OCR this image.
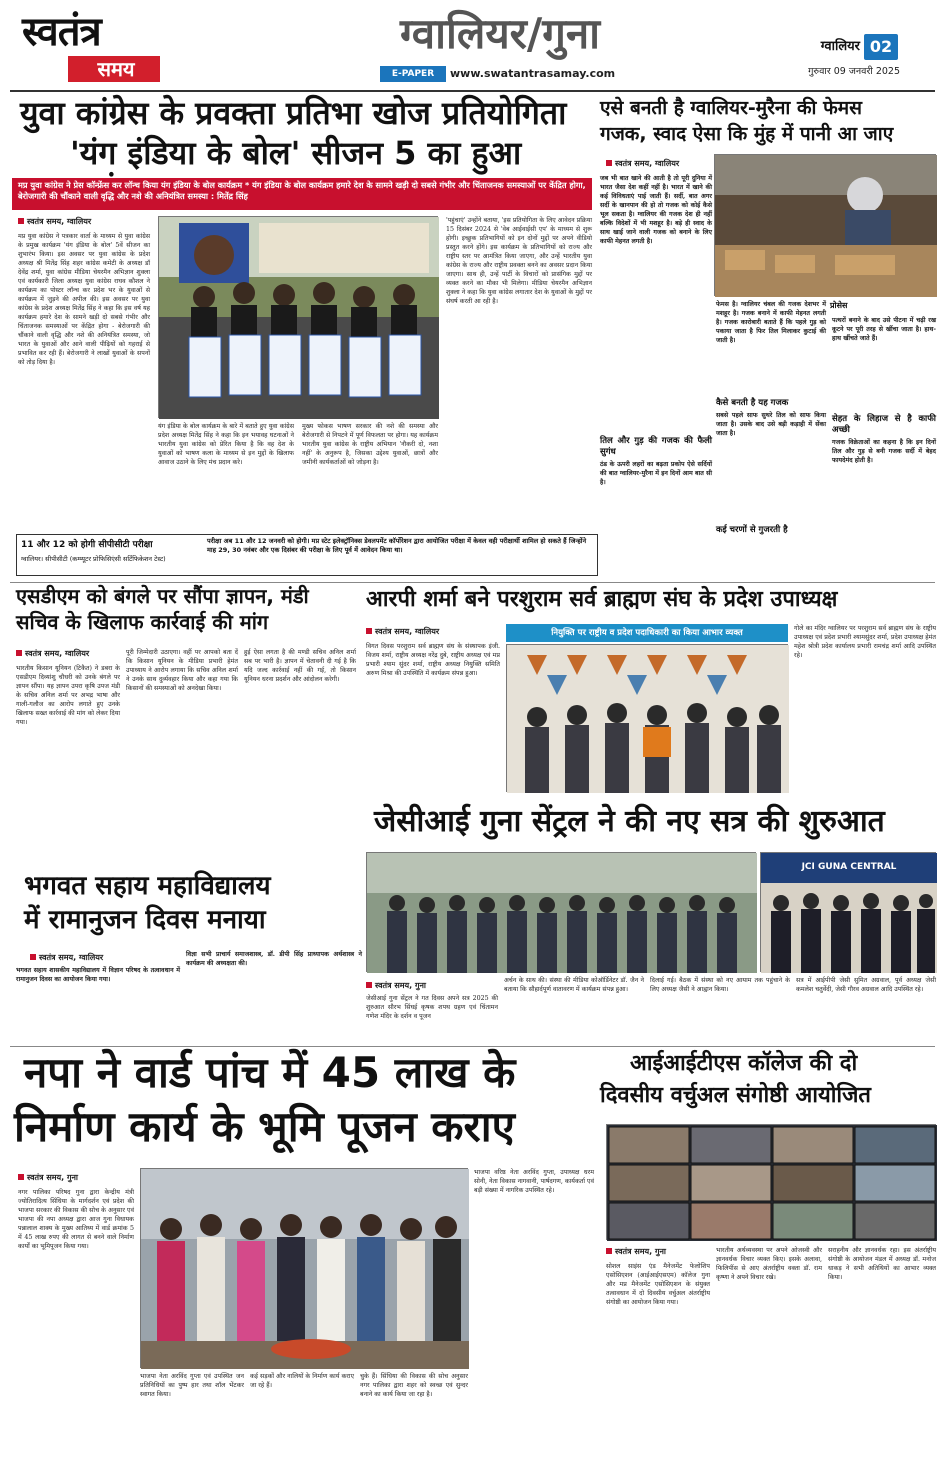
स्वतंत्र
समय
ग्वालियर/गुना
E-PAPER	www.swatantrasamay.com
ग्वालियर 02
गुरुवार 09 जनवरी 2025
युवा कांग्रेस के प्रवक्ता प्रतिभा खोज प्रतियोगिता
'यंग इंडिया के बोल' सीजन 5 का हुआ
मप्र युवा कांग्रेस ने प्रेस कॉन्फ्रेंस कर लॉन्च किया यंग इंडिया के बोल कार्यक्रम * यंग इंडिया के बोल कार्यक्रम हमारे देश के सामने खड़ी दो सबसे गंभीर और चिंताजनक समस्याओं पर केंद्रित होगा, बेरोजगारी की चौंकाने वाली वृद्धि और नशे की अनियंत्रित समस्या : मितेंद्र सिंह
स्वतंत्र समय, ग्वालियर
मप्र युवा कांग्रेस ने पत्रकार वार्ता के माध्यम से युवा कांग्रेस के प्रमुख कार्यक्रम 'यंग इंडिया के बोल' 5वें सीजन का शुभारंभ किया। इस अवसर पर युवा कांग्रेस के प्रदेश अध्यक्ष श्री मितेंद्र सिंह शहर कांग्रेस कमेटी के अध्यक्ष डॉ देवेंद्र शर्मा, युवा कांग्रेस मीडिया चेयरमैन अभिज्ञान शुक्ला एवं कार्यकारी जिला अध्यक्ष युवा कांग्रेस राघव कौशल ने कार्यक्रम का पोस्टर लॉन्च कर प्रदेश भर के युवाओं से कार्यक्रम में जुड़ने की अपील की। इस अवसर पर युवा कांग्रेस के प्रदेश अध्यक्ष मितेंद्र सिंह ने कहा कि इस वर्ष यह कार्यक्रम हमारे देश के सामने खड़ी दो सबसे गंभीर और चिंताजनक समस्याओं पर केंद्रित होगा - बेरोजगारी की चौंकाने वाली वृद्धि और नशे की अनियंत्रित समस्या, जो भारत के युवाओं और आने वाली पीढ़ियों को गहराई से प्रभावित कर रही हैं। बेरोजगारी ने लाखों युवाओं के सपनों को तोड़ दिया है।
यंग इंडिया के बोल कार्यक्रम के बारे में बताते हुए युवा कांग्रेस प्रदेश अध्यक्ष मितेंद्र सिंह ने कहा कि इन भयावह घटनाओं ने भारतीय युवा कांग्रेस को प्रेरित किया है कि वह देश के युवाओं को भाषण कला के माध्यम से इन मुद्दों के खिलाफ आवाज उठाने के लिए मंच प्रदान करे।
मुख्य फोकस भाषण सरकार की नशे की समस्या और बेरोजगारी से निपटने में पूर्ण विफलता पर होगा। यह कार्यक्रम भारतीय युवा कांग्रेस के राष्ट्रीय अभियान 'नौकरी दो, नशा नहीं' के अनुरूप है, जिसका उद्देश्य युवाओं, छात्रों और जमीनी कार्यकर्ताओं को जोड़ना है।
'पहुंचाएं' उन्होंने बताया, 'इस प्रतियोगिता के लिए आवेदन प्रक्रिया 15 दिसंबर 2024 से 'वेब आईवाईसी एप' के माध्यम से शुरू होगी। इच्छुक प्रतिभागियों को इन दोनों मुद्दों पर अपने वीडियो प्रस्तुत करने होंगे। इस कार्यक्रम के प्रतिभागियों को राज्य और राष्ट्रीय स्तर पर आमंत्रित किया जाएगा, और उन्हें भारतीय युवा कांग्रेस के राज्य और राष्ट्रीय प्रवक्ता बनने का अवसर प्रदान किया जाएगा। साथ ही, उन्हें पार्टी के विचारों को प्रासंगिक मुद्दों पर व्यक्त करने का मौका भी मिलेगा। मीडिया चेयरमैन अभिज्ञान शुक्ला ने कहा कि युवा कांग्रेस लगातार देश के युवाओं के मुद्दों पर संघर्ष करती आ रही है।
एसे बनती है ग्वालियर-मुरैना की फेमस
गजक, स्वाद ऐसा कि मुंह में पानी आ जाए
स्वतंत्र समय, ग्वालियर
जब भी बात खाने की आती है तो पूरी दुनिया में भारत जैसा देश कहीं नहीं है। भारत में खाने की कई विविधताएं पाई जाती हैं। सर्दी, बात अगर सर्दी के खानपान की हो तो गजक को कोई कैसे भूल सकता है। ग्वालियर की गजक देश ही नहीं बल्कि विदेशों में भी मशहूर है। बड़े ही स्वाद के साथ खाई जाने वाली गजक को बनाने के लिए काफी मेहनत लगती है।
तिल और गुड़ की गजक की फैली सुगंध
ठंड के ऊपरी लहरों का बढ़ता प्रकोप ऐसे सर्दियों की बात ग्वालियर-मुरैना में इन दिनों आम बात सी है।
फेमस है। ग्वालियर चंबल की गजक देशभर में मशहूर है। गजक बनाने में काफी मेहनत लगती है। गजक कारोबारी बताते हैं कि पहले गुड़ को पकाया जाता है फिर तिल मिलाकर कुटाई की जाती है।
कैसे बनती है यह गजक
सबसे पहले साफ सुथरे तिल को साफ किया जाता है। उसके बाद उसे बड़ी कड़ाही में सेंका जाता है।
कई चरणों से गुजरती है
प्रोसेस
पत्थरों बनाने के बाद उसे पीटना में चढ़ी रख कूटने पर पूरी तरह से खींचा जाता है। हाथ-हाथ खींचते जाते हैं।
सेहत के लिहाज से है काफी अच्छी
गजक विक्रेताओं का कहना है कि इन दिनों तिल और गुड़ से बनी गजक सर्दी में बेहद फायदेमंद होती है।
11 और 12 को होगी सीपीसीटी परीक्षा
ग्वालियर। सीपीसीटी (कम्प्यूटर प्रोफिसिएंसी सर्टिफिकेशन टेस्ट)
परीक्षा अब 11 और 12 जनवरी को होगी। मप्र स्टेट इलेक्ट्रॉनिक्स डेवलपमेंट कॉर्पोरेशन द्वारा आयोजित परीक्षा में केवल वही परीक्षार्थी शामिल हो सकते हैं जिन्होंने माह 29, 30 नवंबर और एक दिसंबर की परीक्षा के लिए पूर्व में आवेदन किया था।
एसडीएम को बंगले पर सौंपा ज्ञापन, मंडी
सचिव के खिलाफ कार्रवाई की मांग
स्वतंत्र समय, ग्वालियर
भारतीय किसान यूनियन (टिकैत) ने डबरा के एसडीएम दिव्यांशु चौधरी को उनके बंगले पर ज्ञापन सौंपा। यह ज्ञापन उपरा कृषि उपज मंडी के सचिव अनिल शर्मा पर अभद्र भाषा और गाली-गलौज का आरोप लगाते हुए उनके खिलाफ सख्त कार्रवाई की मांग को लेकर दिया गया।
पूरी जिम्मेदारी उठाएगा। वहीं पर आपको बता दें कि किसान यूनियन के मीडिया प्रभारी हेमंत उपाध्याय ने आरोप लगाया कि सचिव अनिल शर्मा ने उनके साथ दुर्व्यवहार किया और कहा गया कि किसानों की समस्याओं को अनदेखा किया।
हुई ऐसा लगता है की मण्डी सचिव अनिल शर्मा सब पर भारी है। ज्ञापन में चेतावनी दी गई है कि यदि जल्द कार्रवाई नहीं की गई, तो किसान यूनियन धरना प्रदर्शन और आंदोलन करेगी।
आरपी शर्मा बने परशुराम सर्व ब्राह्मण संघ के प्रदेश उपाध्यक्ष
स्वतंत्र समय, ग्वालियर	नियुक्ति पर राष्ट्रीय व प्रदेश पदाधिकारी का किया आभार व्यक्त
विगत दिवस परशुराम सर्व ब्राह्मण संघ के संस्थापक इंजी. विजय शर्मा, राष्ट्रीय अध्यक्ष नरेंद्र दुबे, राष्ट्रीय अध्यक्ष एवं मप्र प्रभारी श्याम सुंदर शर्मा, राष्ट्रीय अध्यक्ष नियुक्ति समिति अरुण मिश्रा की उपस्थिति में कार्यक्रम संपन्न हुआ।
गोले का मंदिर ग्वालियर पर परशुराम सर्व ब्राह्मण संघ के राष्ट्रीय उपाध्यक्ष एवं प्रदेश प्रभारी श्यामसुंदर शर्मा, प्रदेश उपाध्यक्ष हेमंत महेश श्रोत्री प्रदेश कार्यालय प्रभारी रामचंद्र शर्मा आदि उपस्थित रहे।
जेसीआई गुना सेंट्रल ने की नए सत्र की शुरुआत
JCI GUNA CENTRAL
स्वतंत्र समय, गुना
जेसीआई गुना सेंट्रल ने गत दिवस अपने सत्र 2025 की शुरुआत सौरभ सिंघई कृषक शपथ ग्रहण एवं चिंतामन गणेश मंदिर के दर्शन व पूजन
अर्चन के साथ की। संस्था की मीडिया कोऑर्डिनेटर डॉ. जैन ने बताया कि सौहार्दपूर्ण वातावरण में कार्यक्रम संपन्न हुआ।
दिलाई गई। बैठक में संस्था को नए आयाम तक पहुंचाने के लिए अध्यक्ष जैसी ने आह्वान किया।
सत्र में आईपीपी जेसी सुमित अग्रवाल, पूर्व अध्यक्ष जेसी कमलेश चतुर्वेदी, जेसी गौरव अग्रवाल आदि उपस्थित रहे।
भगवत सहाय महाविद्यालय
में रामानुजन दिवस मनाया
स्वतंत्र समय, ग्वालियर
भगवत सहाय शासकीय महाविद्यालय में विज्ञान परिषद के तत्वावधान में रामानुजन दिवस का आयोजन किया गया।
विज्ञा सभी प्राचार्य समाजशास्त्र, डॉ. डीपी सिंह प्राध्यापक अर्थशास्त्र ने कार्यक्रम की अध्यक्षता की।
नपा ने वार्ड पांच में 45 लाख के
निर्माण कार्य के भूमि पूजन कराए
स्वतंत्र समय, गुना
नगर पालिका परिषद गुना द्वारा केन्द्रीय मंत्री ज्योतिरादित्य सिंधिया के मार्गदर्शन एवं प्रदेश की भाजपा सरकार की विकास की सोच के अनुसार एवं भाजपा की नपा अध्यक्ष द्वारा आज गुना विधायक पन्नालाल शाक्य के मुख्य आतिथ्य में वार्ड क्रमांक 5 में 45 लाख रुपए की लागत से बनने वाले निर्माण कार्यों का भूमिपूजन किया गया।
भाजपा नेता अरविंद गुप्ता एवं उपस्थित जन प्रतिनिधियों का पुष्प हार तथा शॉल भेंटकर स्वागत किया।
कई सड़कों और नालियों के निर्माण कार्य कराए जा रहे हैं।
चुके हैं। सिंधिया की विकास की सोच अनुसार नगर पालिका द्वारा शहर को स्वच्छ एवं सुन्दर बनाने का कार्य किया जा रहा है।
भाजपा वरिष्ठ नेता अरविंद गुप्ता, उपाध्यक्ष धरम सोनी, नेता विकास नागवानी, पार्षदगण, कार्यकर्ता एवं बड़ी संख्या में नागरिक उपस्थित रहे।
आईआईटीएस कॉलेज की दो
दिवसीय वर्चुअल संगोष्ठी आयोजित
स्वतंत्र समय, गुना
सोशल साइंस एंड मैनेजमेंट फेलोशिप एसोसिएशन (आईआईएसएम) कॉलेज गुना और मप्र मैनेजमेंट एसोसिएशन के संयुक्त तत्वावधान में दो दिवसीय वर्चुअल अंतर्राष्ट्रीय संगोष्ठी का आयोजन किया गया।
भारतीय अर्थव्यवस्था पर अपने ओजस्वी और ज्ञानवर्धक विचार व्यक्त किए। इसके अलावा, फिलिपींस से आए अंतर्राष्ट्रीय वक्ता डॉ. राम कृष्णा ने अपने विचार रखे।
सराहनीय और ज्ञानवर्धक रहा। इस अंतर्राष्ट्रीय संगोष्ठी के आयोजन मंडल में अध्यक्ष डॉ. मनोज धाकड़ ने सभी अतिथियों का आभार व्यक्त किया।
